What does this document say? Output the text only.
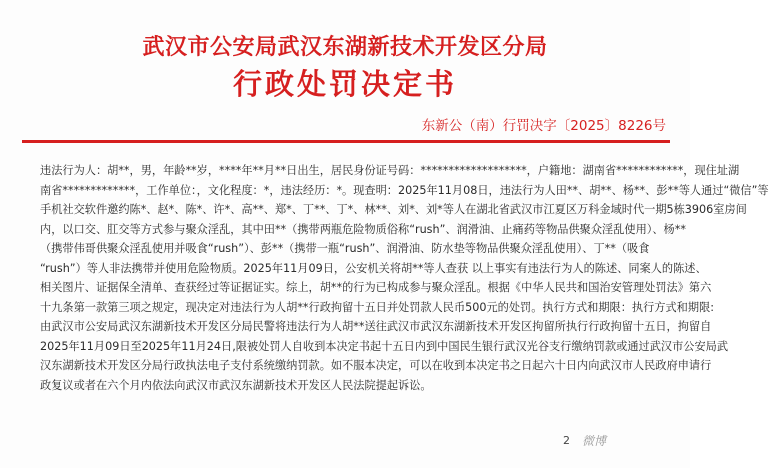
武汉市公安局武汉东湖新技术开发区分局
行政处罚决定书
东新公（南）行罚决字〔2025〕8226号
违法行为人：胡**，男，年龄**岁，****年**月**日出生，居民身份证号码：*******************，户籍地：湖南省************，现住址湖
南省*************，工作单位：，文化程度：*，违法经历：*。现查明：2025年11月08日，违法行为人田**、胡**、杨**、彭**等人通过“微信”等
手机社交软件邀约陈*、赵*、陈*、许*、高**、郑*、丁**、丁*、林**、刘*、刘*等人在湖北省武汉市江夏区万科金域时代一期5栋3906室房间
内，以口交、肛交等方式参与聚众淫乱，其中田**（携带两瓶危险物质俗称“rush”、润滑油、止痛药等物品供聚众淫乱使用）、杨**
（携带伟哥供聚众淫乱使用并吸食“rush”）、彭**（携带一瓶“rush”、润滑油、防水垫等物品供聚众淫乱使用）、丁**（吸食
“rush”）等人非法携带并使用危险物质。2025年11月09日，公安机关将胡**等人查获 以上事实有违法行为人的陈述、同案人的陈述、
相关图片、证据保全清单、查获经过等证据证实。综上，胡**的行为已构成参与聚众淫乱。根据《中华人民共和国治安管理处罚法》第六
十九条第一款第三项之规定，现决定对违法行为人胡**行政拘留十五日并处罚款人民币500元的处罚。执行方式和期限：执行方式和期限:
由武汉市公安局武汉东湖新技术开发区分局民警将违法行为人胡**送往武汉市武汉东湖新技术开发区拘留所执行行政拘留十五日，拘留自
2025年11月09日至2025年11月24日,限被处罚人自收到本决定书起十五日内到中国民生银行武汉光谷支行缴纳罚款或通过武汉市公安局武
汉东湖新技术开发区分局行政执法电子支付系统缴纳罚款。如不服本决定，可以在收到本决定书之日起六十日内向武汉市人民政府申请行
政复议或者在六个月内依法向武汉市武汉东湖新技术开发区人民法院提起诉讼。
2 微博
